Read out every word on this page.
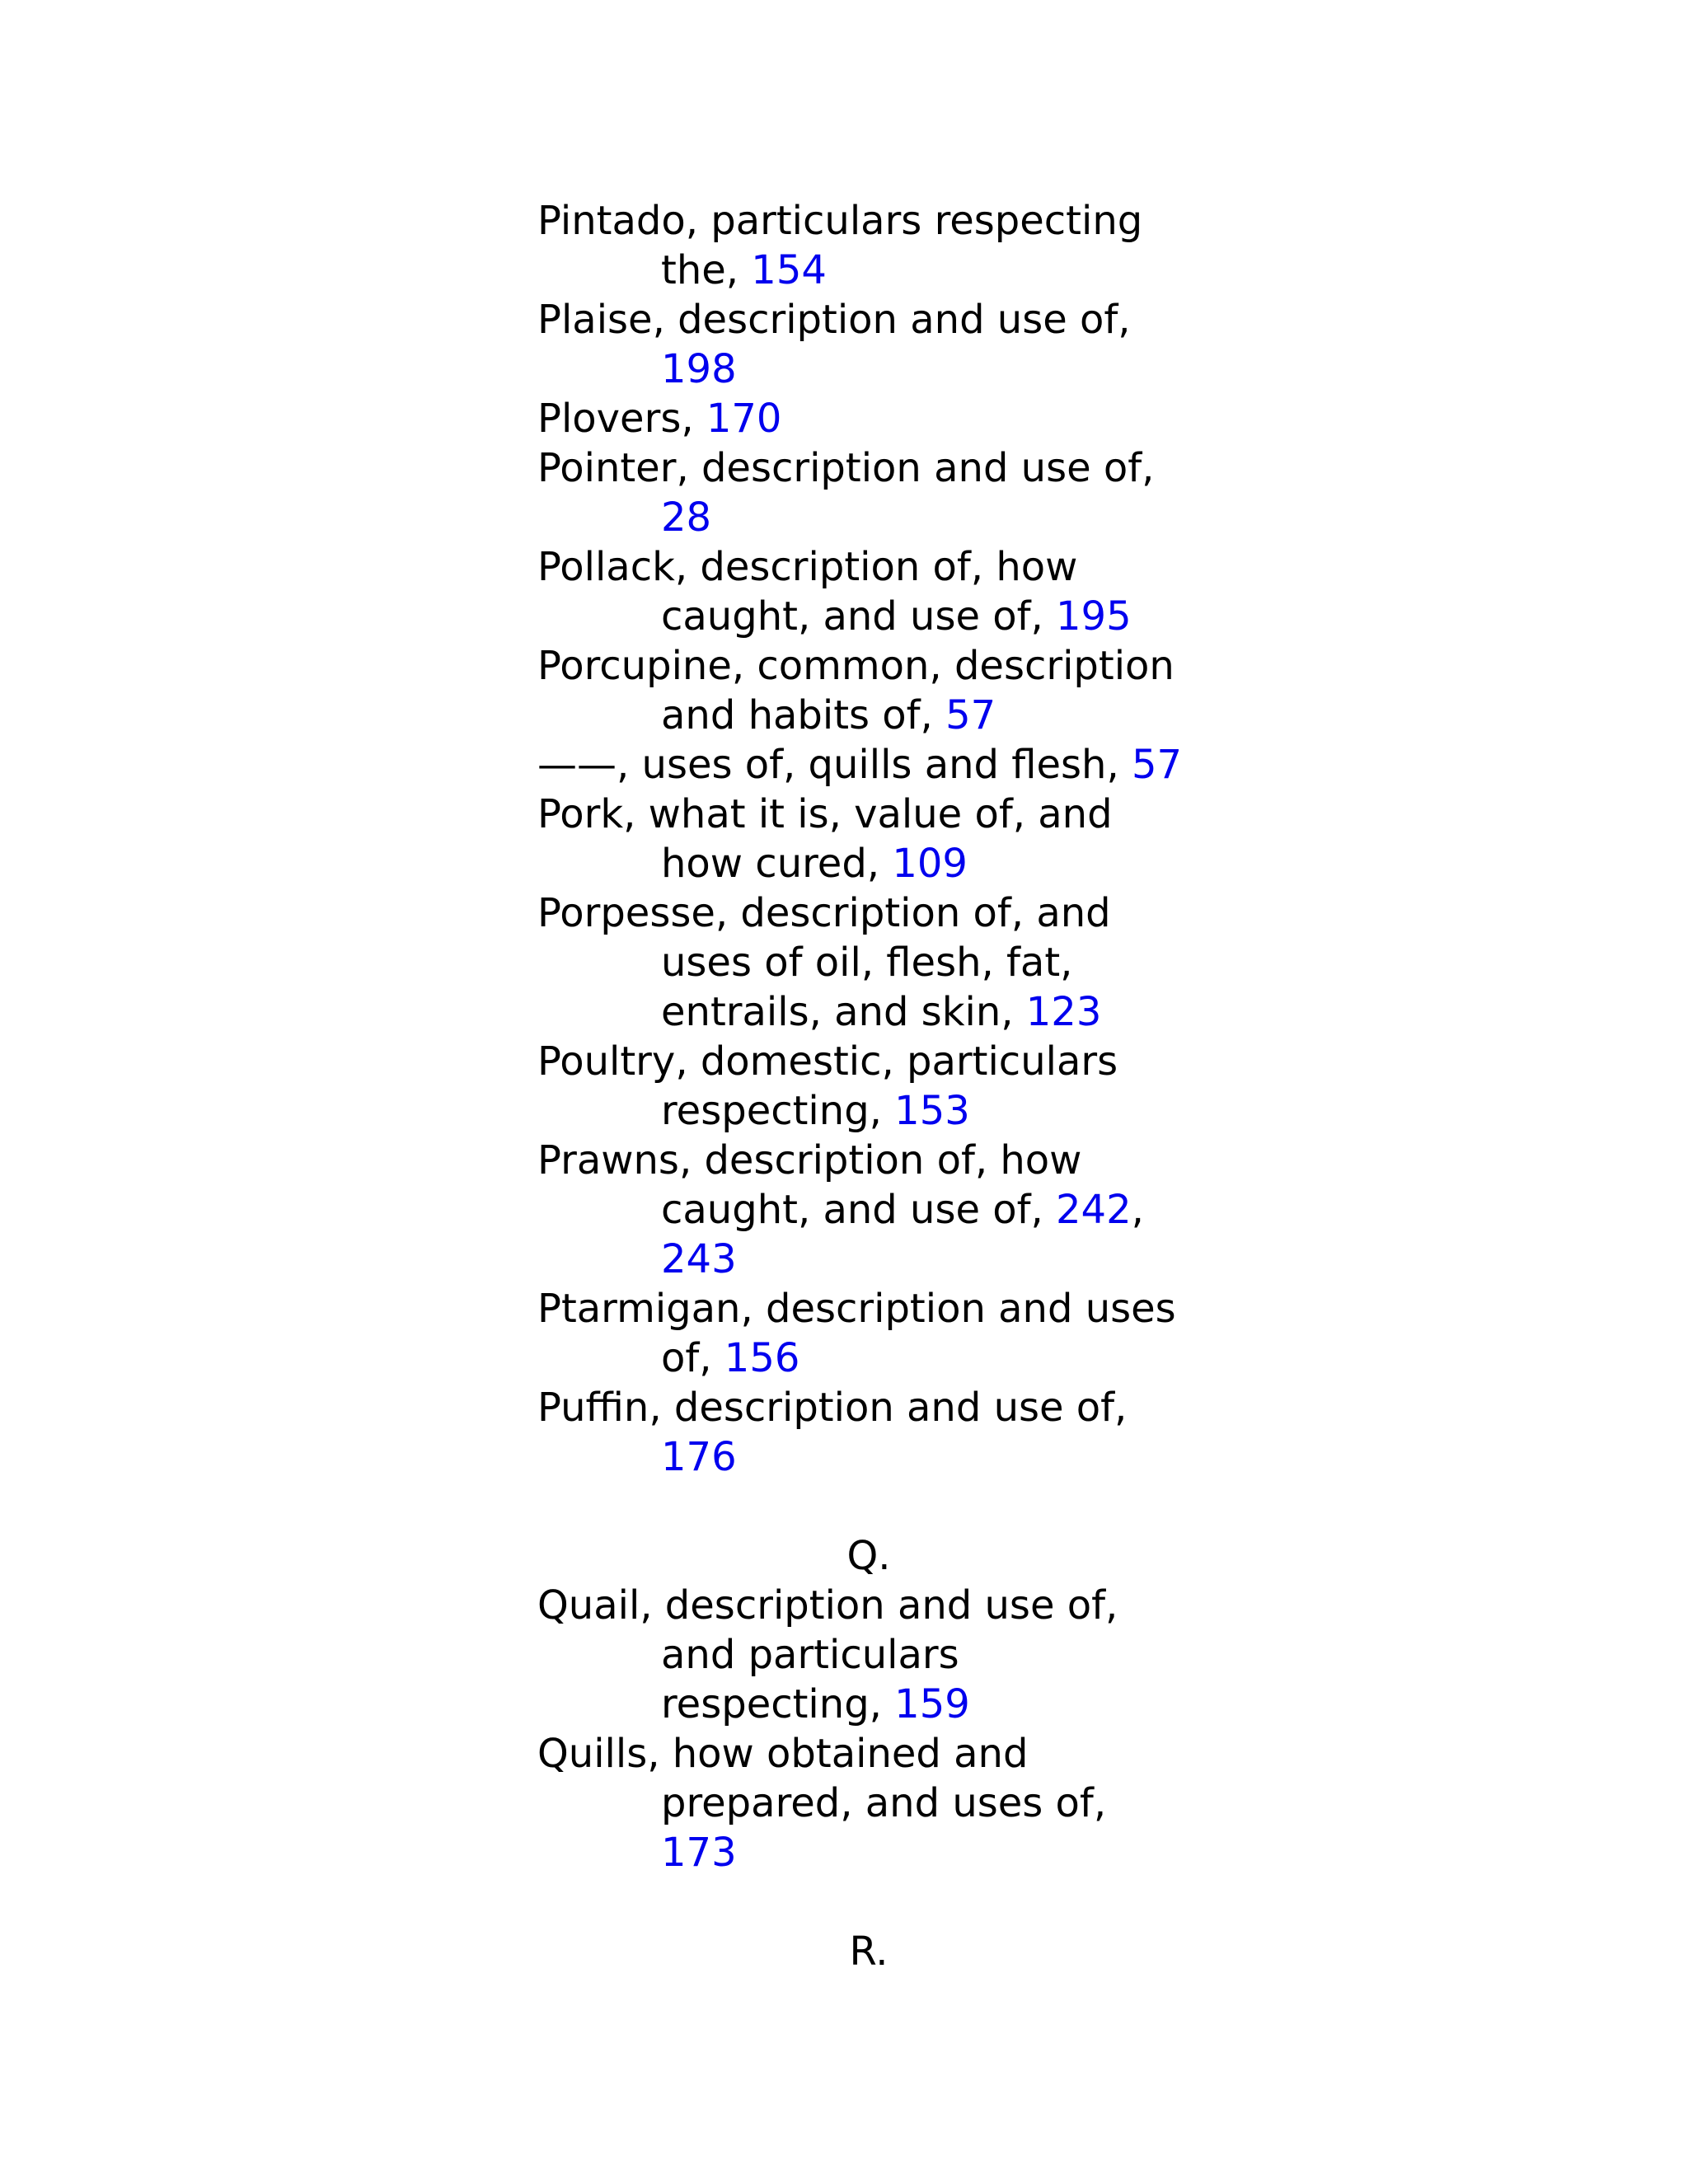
Pintado, particulars respecting
the, 154
Plaise, description and use of,
198
Plovers, 170
Pointer, description and use of,
28
Pollack, description of, how
caught, and use of, 195
Porcupine, common, description
and habits of, 57
——, uses of, quills and flesh, 57
Pork, what it is, value of, and
how cured, 109
Porpesse, description of, and
uses of oil, flesh, fat,
entrails, and skin, 123
Poultry, domestic, particulars
respecting, 153
Prawns, description of, how
caught, and use of, 242,
243
Ptarmigan, description and uses
of, 156
Puffin, description and use of,
176
Q.
Quail, description and use of,
and particulars
respecting, 159
Quills, how obtained and
prepared, and uses of,
173
R.
